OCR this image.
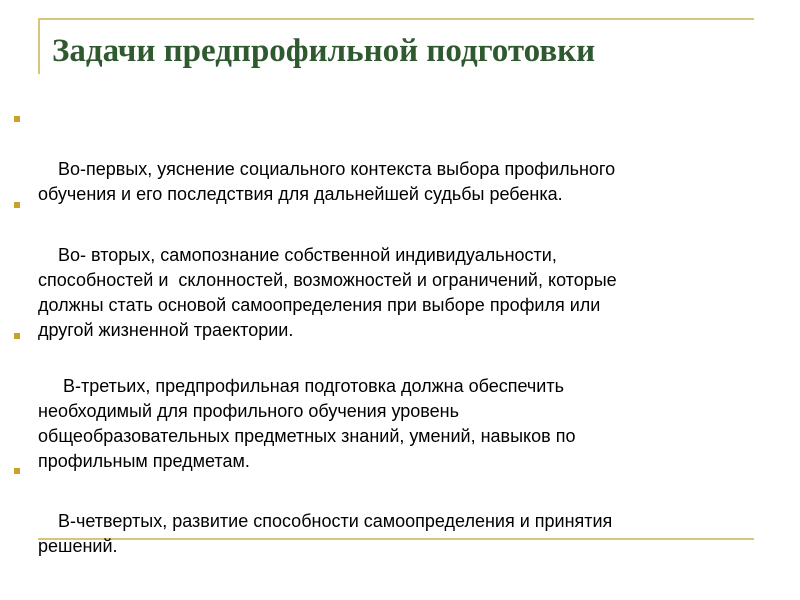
Задачи предпрофильной подготовки

Во-первых, уяснение социального контекста выбора профильного
обучения и его последствия для дальнейшей судьбы ребенка.

Во- вторых, самопознание собственной индивидуальности,
способностей и  склонностей, возможностей и ограничений, которые
должны стать основой самоопределения при выборе профиля или
другой жизненной траектории.

В-третьих, предпрофильная подготовка должна обеспечить
необходимый для профильного обучения уровень
общеобразовательных предметных знаний, умений, навыков по
профильным предметам.

В-четвертых, развитие способности самоопределения и принятия
решений.
